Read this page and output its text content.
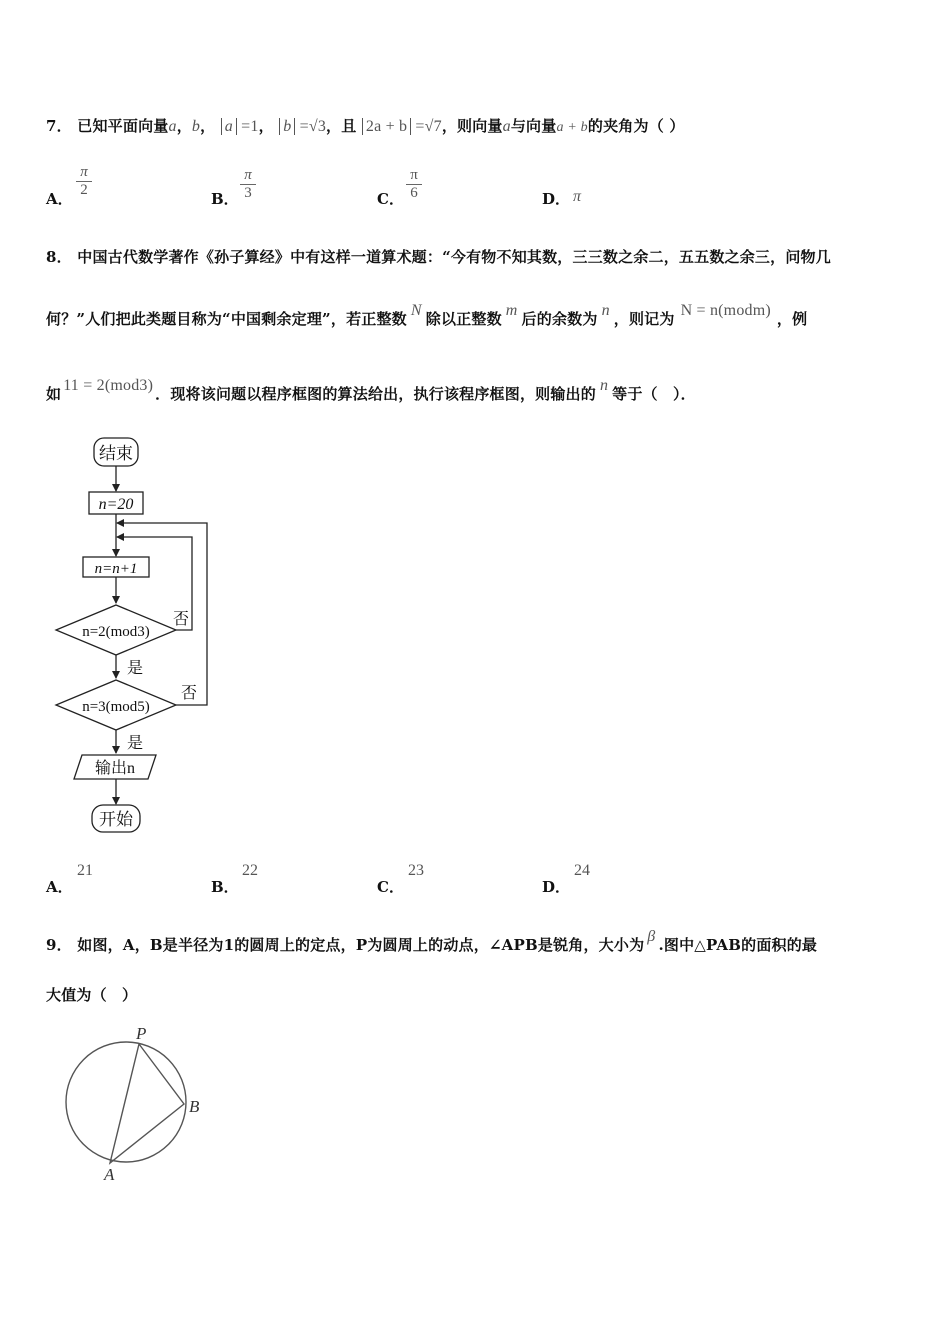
7． 已知平面向量a，b， a =1， b =√3，且 2a + b =√7，则向量a与向量a + b的夹角为（ ）
A．
π
2	B．
π
3	C．
π
6	D． π
8． 中国古代数学著作《孙子算经》中有这样一道算术题：“今有物不知其数，三三数之余二，五五数之余三，问物几
何？”人们把此类题目称为“中国剩余定理”，若正整数 N 除以正整数 m 后的余数为 n ，则记为 N = n(modm) ，例
如 11 = 2(mod3) ．现将该问题以程序框图的算法给出，执行该程序框图，则输出的 n 等于（　）．
结束
n=20
n=n+1
n=2(mod3)
n=3(mod5)
输出n
开始
否
否
是
是
A．
21
B．
22
C．
23
D．
24
9． 如图，A，B是半径为1的圆周上的定点，P为圆周上的动点，∠APB是锐角，大小为 β .图中△PAB的面积的最
大值为（　）
P
B
A
